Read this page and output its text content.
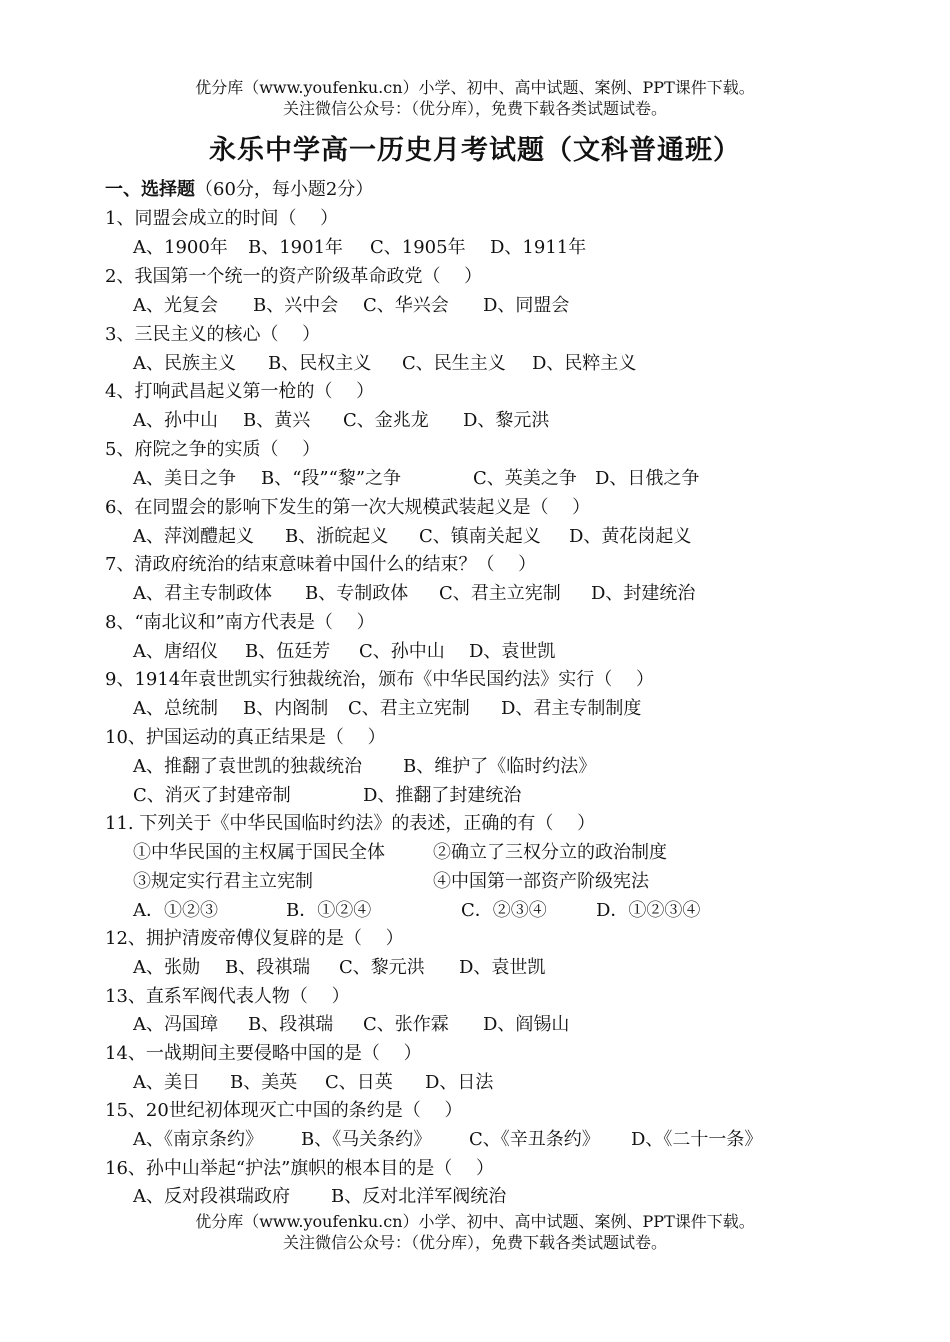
优分库（www.youfenku.cn）小学、初中、高中试题、案例、PPT课件下载。
关注微信公众号：（优分库），免费下载各类试题试卷。
永乐中学高一历史月考试题（文科普通班）
一、选择题（60分，每小题2分）
1、同盟会成立的时间（　 ）
A、1900年 B、1901年 C、1905年 D、1911年
2、我国第一个统一的资产阶级革命政党（　 ）
A、光复会 B、兴中会 C、华兴会 D、同盟会
3、三民主义的核心（　 ）
A、民族主义 B、民权主义 C、民生主义 D、民粹主义
4、打响武昌起义第一枪的（　 ）
A、孙中山 B、黄兴 C、金兆龙 D、黎元洪
5、府院之争的实质（　 ）
A、美日之争 B、“段”“黎”之争	C、英美之争 D、日俄之争
6、在同盟会的影响下发生的第一次大规模武装起义是（　 ）
A、萍浏醴起义 B、浙皖起义 C、镇南关起义 D、黄花岗起义
7、清政府统治的结束意味着中国什么的结束？（　 ）
A、君主专制政体 B、专制政体 C、君主立宪制 D、封建统治
8、“南北议和”南方代表是（　 ）
A、唐绍仪 B、伍廷芳 C、孙中山 D、袁世凯
9、1914年袁世凯实行独裁统治，颁布《中华民国约法》实行（　 ）
A、总统制 B、内阁制 C、君主立宪制 D、君主专制制度
10、护国运动的真正结果是（　 ）
A、推翻了袁世凯的独裁统治 B、维护了《临时约法》
C、消灭了封建帝制	D、推翻了封建统治
11. 下列关于《中华民国临时约法》的表述，正确的有（　 ）
①中华民国的主权属于国民全体	②确立了三权分立的政治制度
③规定实行君主立宪制	④中国第一部资产阶级宪法
A．①②③	B．①②④	C．②③④	D．①②③④
12、拥护清废帝傅仪复辟的是（　 ）
A、张勋 B、段祺瑞 C、黎元洪 D、袁世凯
13、直系军阀代表人物（　 ）
A、冯国璋 B、段祺瑞 C、张作霖 D、阎锡山
14、一战期间主要侵略中国的是（　 ）
A、美日 B、美英 C、日英 D、日法
15、20世纪初体现灭亡中国的条约是（　 ）
A、《南京条约》 B、《马关条约》 C、《辛丑条约》 D、《二十一条》
16、孙中山举起“护法”旗帜的根本目的是（　 ）
A、反对段祺瑞政府 B、反对北洋军阀统治
优分库（www.youfenku.cn）小学、初中、高中试题、案例、PPT课件下载。
关注微信公众号：（优分库），免费下载各类试题试卷。
